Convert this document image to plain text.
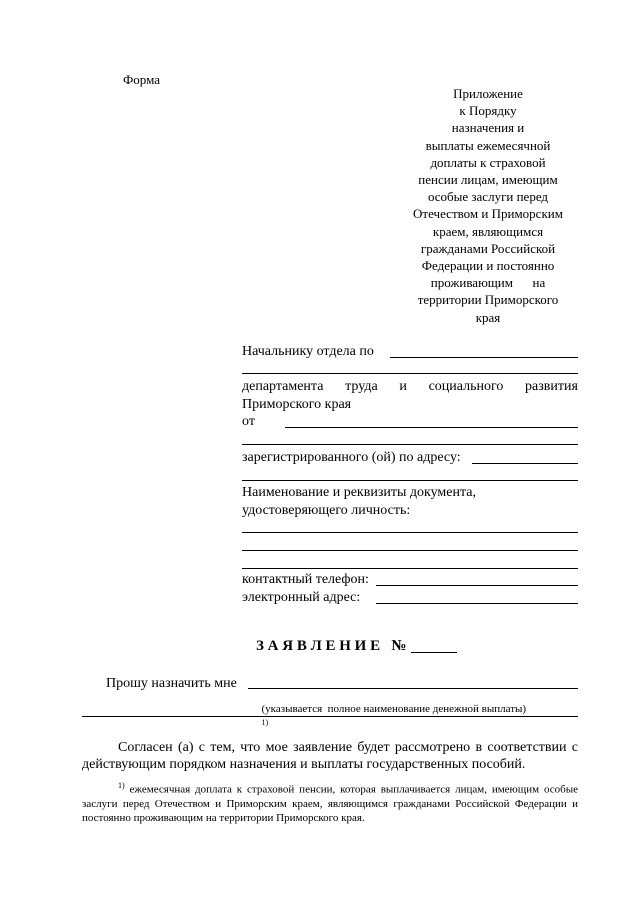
Форма
Приложение
к Порядку
назначения и
выплаты ежемесячной
доплаты к страховой
пенсии лицам, имеющим
особые заслуги перед
Отечеством и Приморским
краем, являющимся
гражданами Российской
Федерации и постоянно
проживающим      на
территории Приморского
края
Начальнику отдела по
департамента труда и социального развития
Приморского края
от
зарегистрированного (ой) по адресу:
Наименование и реквизиты документа,
удостоверяющего личность:
контактный телефон:
электронный адрес:
З А Я В Л Е Н И Е   №
Прошу назначить мне

(указывается  полное наименование денежной выплаты)
$^{1)}$

Согласен (а) с тем, что мое заявление будет рассмотрено в соответствии с действующим порядком назначения и выплаты государственных пособий.
$^{1)}$ ежемесячная доплата к страховой пенсии, которая выплачивается лицам, имеющим особые заслуги перед Отечеством и Приморским краем, являющимся гражданами Российской Федерации и постоянно проживающим на территории Приморского края.
